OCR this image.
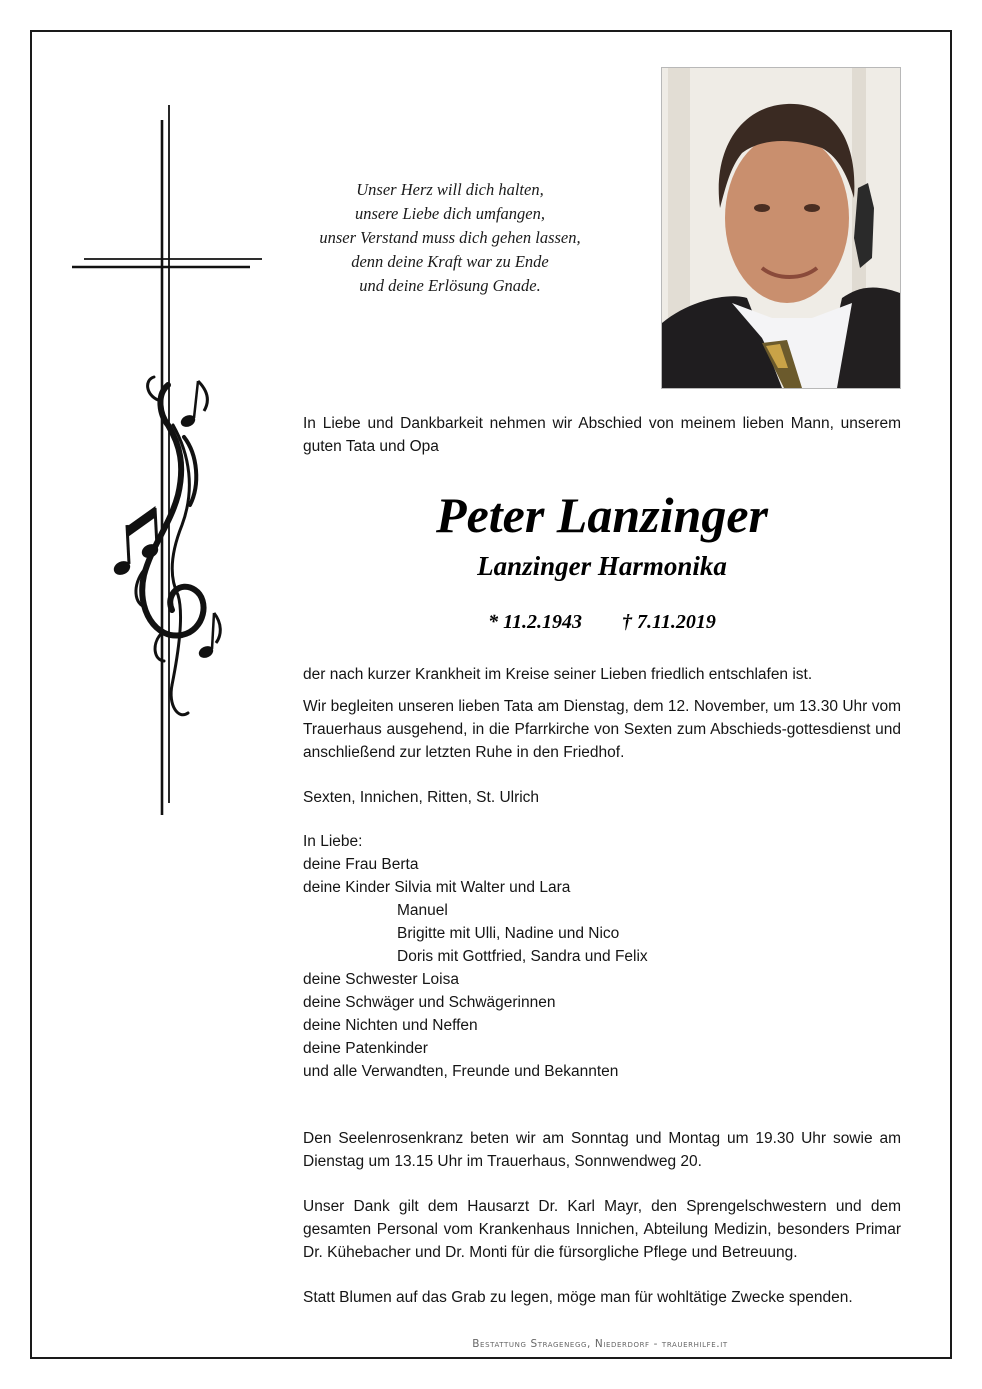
Unser Herz will dich halten,
unsere Liebe dich umfangen,
unser Verstand muss dich gehen lassen,
denn deine Kraft war zu Ende
und deine Erlösung Gnade.
In Liebe und Dankbarkeit nehmen wir Abschied von meinem lieben Mann, unserem guten Tata und Opa
Peter Lanzinger
Lanzinger Harmonika
* 11.2.1943 † 7.11.2019
der nach kurzer Krankheit im Kreise seiner Lieben friedlich entschlafen ist.
Wir begleiten unseren lieben Tata am Dienstag, dem 12. November, um 13.30 Uhr vom Trauerhaus ausgehend, in die Pfarrkirche von Sexten zum Abschieds-gottesdienst und anschließend zur letzten Ruhe in den Friedhof.
Sexten, Innichen, Ritten, St. Ulrich
In Liebe:
deine Frau Berta
deine Kinder Silvia mit Walter und Lara
Manuel
Brigitte mit Ulli, Nadine und Nico
Doris mit Gottfried, Sandra und Felix
deine Schwester Loisa
deine Schwäger und Schwägerinnen
deine Nichten und Neffen
deine Patenkinder
und alle Verwandten, Freunde und Bekannten
Den Seelenrosenkranz beten wir am Sonntag und Montag um 19.30 Uhr sowie am Dienstag um 13.15 Uhr im Trauerhaus, Sonnwendweg 20.
Unser Dank gilt dem Hausarzt Dr. Karl Mayr, den Sprengelschwestern und dem gesamten Personal vom Krankenhaus Innichen, Abteilung Medizin, besonders Primar Dr. Kühebacher und Dr. Monti für die fürsorgliche Pflege und Betreuung.
Statt Blumen auf das Grab zu legen, möge man für wohltätige Zwecke spenden.
Bestattung Stragenegg, Niederdorf - trauerhilfe.it
